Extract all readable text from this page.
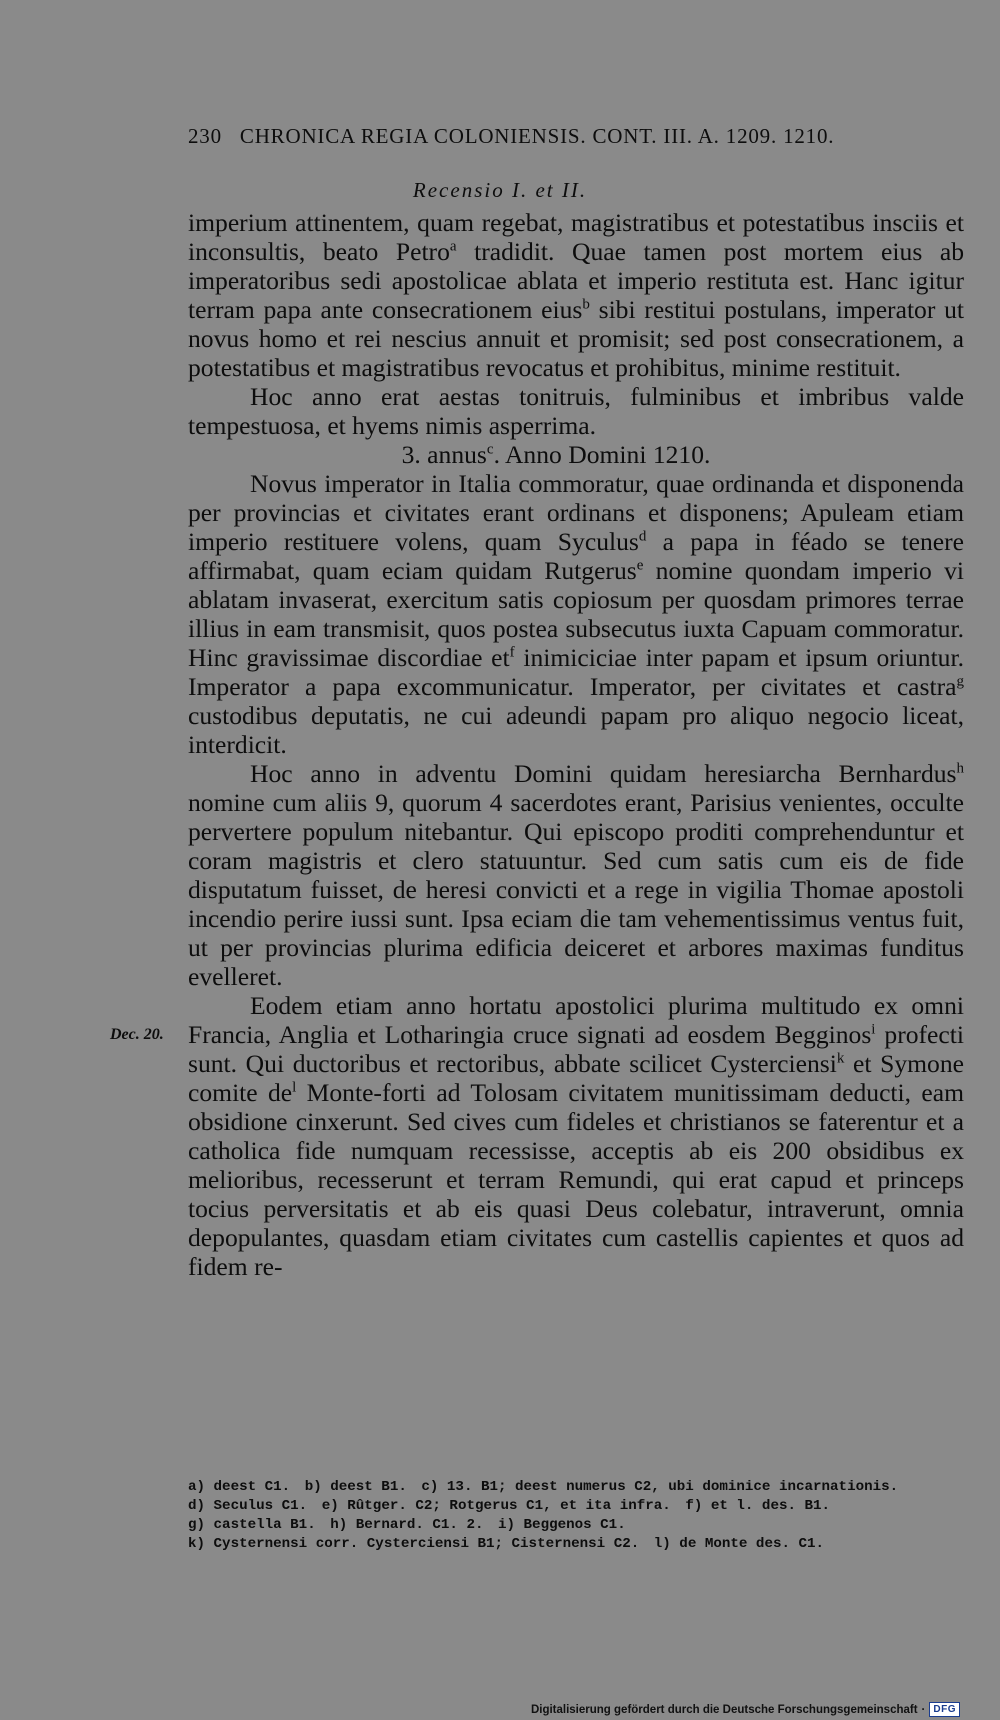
230 CHRONICA REGIA COLONIENSIS. CONT. III. A. 1209. 1210.
Recensio I. et II.

imperium attinentem, quam regebat, magistratibus et potestatibus insciis et inconsultis, beato Petro$^a$ tradidit. Quae tamen post mortem eius ab imperatoribus sedi apostolicae ablata et imperio restituta est. Hanc igitur terram papa ante consecrationem eius$^b$ sibi restitui postulans, imperator ut novus homo et rei nescius annuit et promisit; sed post consecrationem, a potestatibus et magistratibus revocatus et prohibitus, minime restituit.

Hoc anno erat aestas tonitruis, fulminibus et imbribus valde tempestuosa, et hyems nimis asperrima.

3. annus$^c$. Anno Domini 1210.

Novus imperator in Italia commoratur, quae ordinanda et disponenda per provincias et civitates erant ordinans et disponens; Apuleam etiam imperio restituere volens, quam Syculus$^d$ a papa in féado se tenere affirmabat, quam eciam quidam Rutgerus$^e$ nomine quondam imperio vi ablatam invaserat, exercitum satis copiosum per quosdam primores terrae illius in eam transmisit, quos postea subsecutus iuxta Capuam commoratur. Hinc gravissimae discordiae $et^f$ inimiciciae inter papam et ipsum oriuntur. Imperator a papa excommunicatur. Imperator, per civitates et castra$^g$ custodibus deputatis, ne cui adeundi papam pro aliquo negocio liceat, interdicit.

Hoc anno in adventu Domini quidam heresiarcha Bernhardus$^h$ nomine cum aliis 9, quorum 4 sacerdotes erant, Parisius venientes, occulte pervertere populum nitebantur. Qui episcopo proditi comprehenduntur et coram magistris et clero statuuntur. Sed cum satis cum eis de fide disputatum fuisset, de heresi convicti et a rege in vigilia Thomae apostoli incendio perire iussi sunt. Ipsa eciam die tam vehementissimus ventus fuit, ut per provincias plurima edificia deiceret et arbores maximas funditus evelleret.

Eodem etiam anno hortatu apostolici plurima multitudo ex omni Francia, Anglia et Lotharingia cruce signati ad eosdem Begginos$^i$ profecti sunt. Qui ductoribus et rectoribus, abbate scilicet Cysterciensi$^k$ et Symone comite $de^l$ Monte-forti ad Tolosam civitatem munitissimam deducti, eam obsidione cinxerunt. Sed cives cum fideles et christianos se faterentur et a catholica fide numquam recessisse, acceptis ab eis 200 obsidibus ex melioribus, recesserunt et terram Remundi, qui erat capud et princeps tocius perversitatis et ab eis quasi Deus colebatur, intraverunt, omnia depopulantes, quasdam etiam civitates cum castellis capientes et quos ad fidem re-

Dec. 20.
a) deest C1. b) deest B1. c) 13. B1; deest numerus C2, ubi dominice incarnationis.
d) Seculus C1. e) Rûtger. C2; Rotgerus C1, et ita infra. f) et l. des. B1.
g) castella B1. h) Bernard. C1. 2. i) Beggenos C1.
k) Cysternensi corr. Cysterciensi B1; Cisternensi C2. l) de Monte des. C1.
Digitalisierung gefördert durch die Deutsche Forschungsgemeinschaft · DFG
